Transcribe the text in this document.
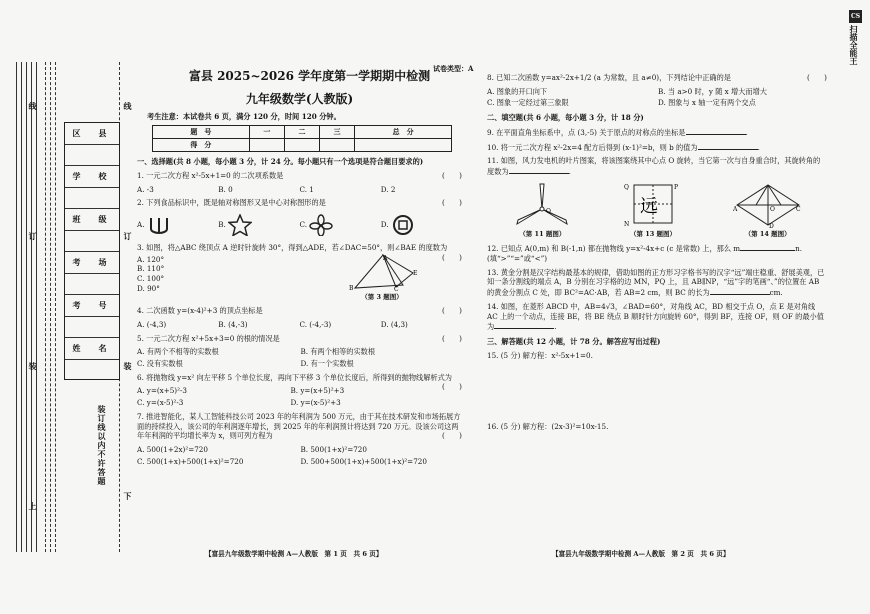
线
订
装
上
线
订
装
下
区　县
学　校
班　级
考　场
考　号
姓　名
装订线以内不许答题
试卷类型：A
富县 2025~2026 学年度第一学期期中检测
九年级数学(人教版)
考生注意：本试卷共 6 页，满分 120 分，时间 120 分钟。
题　号	一	二	三	总　分
得　分				
一、选择题(共 8 小题，每小题 3 分，计 24 分。每小题只有一个选项是符合题目要求的)
1. 一元二次方程 x²-5x+1=0 的二次项系数是	(　　)
A. -3	B. 0	C. 1	D. 2
2. 下列食品标识中，既是轴对称图形又是中心对称图形的是	(　　)
A.	B.	C.	D.
3. 如图，将△ABC 绕顶点 A 逆时针旋转 30°，得到△ADE，若∠DAC=50°，则∠BAE 的度数为
(　　)
A. 120°
B. 110°
C. 100°
D. 90°	B
A
E
C
（第 3 题图）
4. 二次函数 y=(x-4)²+3 的顶点坐标是	(　　)
A. (-4,3)	B. (4,-3)	C. (-4,-3)	D. (4,3)
5. 一元二次方程 x²+5x+3=0 的根的情况是	(　　)
A. 有两个不相等的实数根	B. 有两个相等的实数根
C. 没有实数根	D. 有一个实数根
6. 将抛物线 y=x² 向左平移 5 个单位长度，再向下平移 3 个单位长度后，所得到的抛物线解析式为
(　　)
A. y=(x+5)²-3	B. y=(x+5)²+3
C. y=(x-5)²-3	D. y=(x-5)²+3
7. 推进智能化，某人工智能科技公司 2023 年的年利润为 500 万元，由于其在技术研发和市场拓展方面的持续投入，该公司的年利润逐年增长，到 2025 年的年利润预计将达到 720 万元。设该公司这两年年利润的平均增长率为 x，则可列方程为	(　　)
A. 500(1+2x)²=720	B. 500(1+x)²=720
C. 500(1+x)+500(1+x)²=720	D. 500+500(1+x)+500(1+x)²=720
8. 已知二次函数 y=ax²-2x+1/2 (a 为常数，且 a≠0)，下列结论中正确的是	(　　)
A. 图象的开口向下	B. 当 a>0 时，y 随 x 增大而增大
C. 图象一定经过第三象限	D. 图象与 x 轴一定有两个交点
二、填空题(共 6 小题，每小题 3 分，计 18 分)
9. 在平面直角坐标系中，点 (3,-5) 关于原点的对称点的坐标是	.
10. 将一元二次方程 x²-2x=4 配方后得到 (x-1)²=b，则 b 的值为	.
11. 如图，风力发电机的叶片图案，将该图案绕其中心点 O 旋转，当它第一次与自身重合时，其旋转角的度数为	.
O
（第 11 题图）
远
Q
N
P
（第 13 题图）
A	C
D
O
（第 14 题图）
12. 已知点 A(0,m) 和 B(-1,n) 都在抛物线 y=x²-4x+c (c 是常数) 上，那么 m	n. (填“>”“=”或“<”)
13. 黄金分割是汉字结构最基本的规律，借助如图的正方形习字格书写的汉字“远”端庄稳重、舒展美观，已知一条分割线的端点 A，B 分别在习字格的边 MN，PQ 上，且 AB∥NP，“远”字的笔画“、”的位置在 AB 的黄金分割点 C 处，即 BC²=AC·AB，若 AB=2 cm，则 BC 的长为	cm.
14. 如图，在菱形 ABCD 中，AB=4√3，∠BAD=60°，对角线 AC，BD 相交于点 O，点 E 是对角线 AC 上的一个动点，连接 BE，将 BE 绕点 B 顺时针方向旋转 60°，得到 BF，连接 OF，则 OF 的最小值为	.
三、解答题(共 12 小题，计 78 分。解答应写出过程)
15. (5 分) 解方程：x²-5x+1=0.
16. (5 分) 解方程：(2x-3)²=10x-15.
【富县九年级数学期中检测 A—人教版　第 1 页　共 6 页】	【富县九年级数学期中检测 A—人教版　第 2 页　共 6 页】
CS
扫描全能王
